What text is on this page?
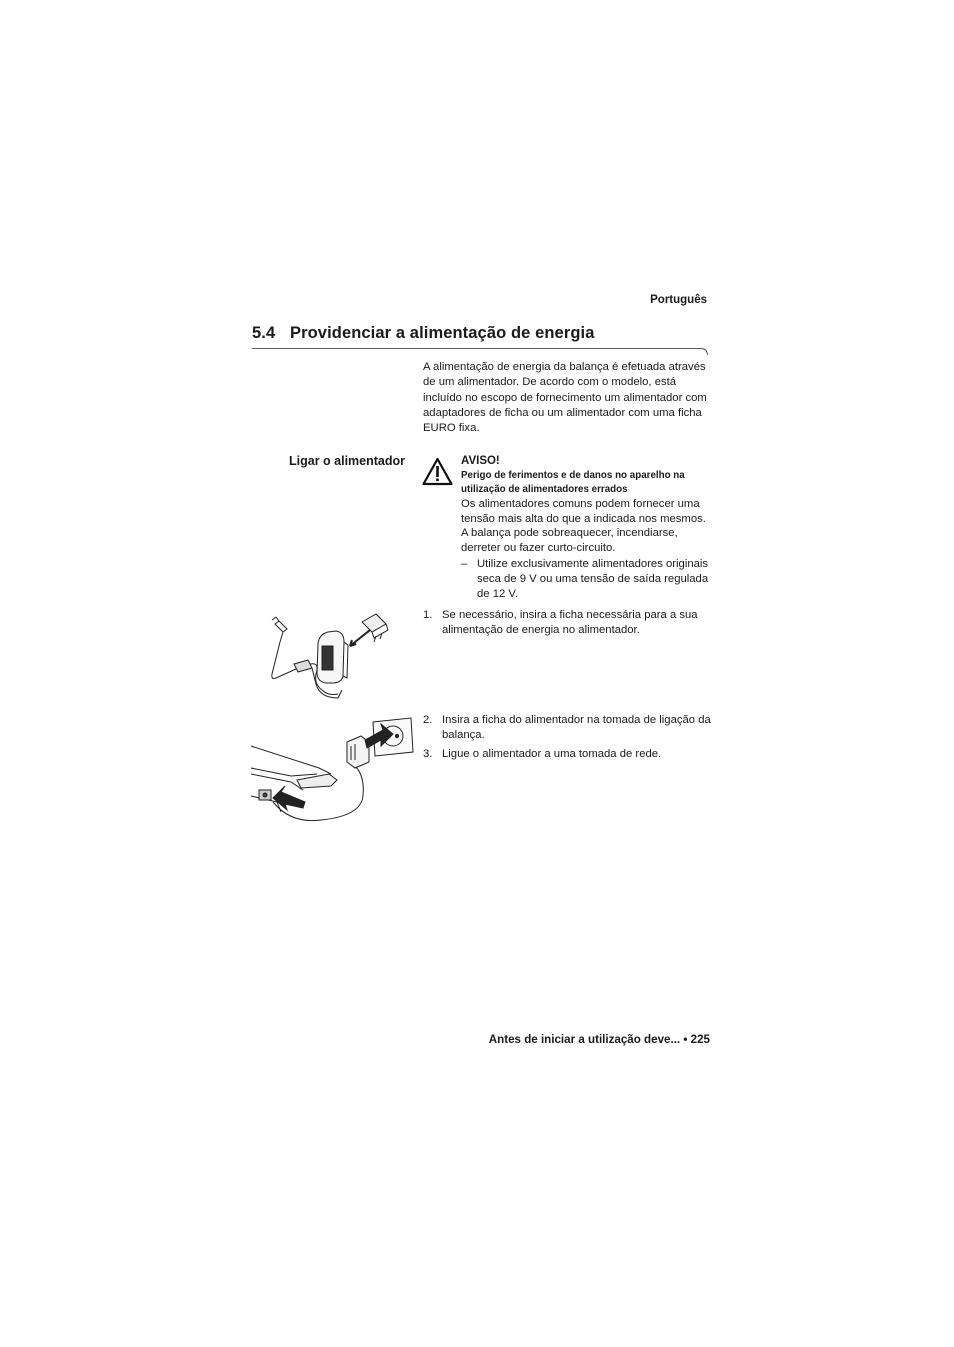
Português
5.4 Providenciar a alimentação de energia
A alimentação de energia da balança é efetuada através de um alimentador. De acordo com o modelo, está incluído no escopo de fornecimento um alimentador com adaptadores de ficha ou um alimentador com uma ficha EURO fixa.
Ligar o alimentador	AVISO!
Perigo de ferimentos e de danos no aparelho na utilização de alimentadores errados
Os alimentadores comuns podem fornecer uma tensão mais alta do que a indicada nos mesmos. A balança pode sobreaquecer, incendiarse, derreter ou fazer curto-circuito.
– Utilize exclusivamente alimentadores originais seca de 9 V ou uma tensão de saída regulada de 12 V.
1. Se necessário, insira a ficha necessária para a sua alimentação de energia no alimentador.
2. Insira a ficha do alimentador na tomada de ligação da balança.
3. Ligue o alimentador a uma tomada de rede.
Antes de iniciar a utilização deve... • 225
